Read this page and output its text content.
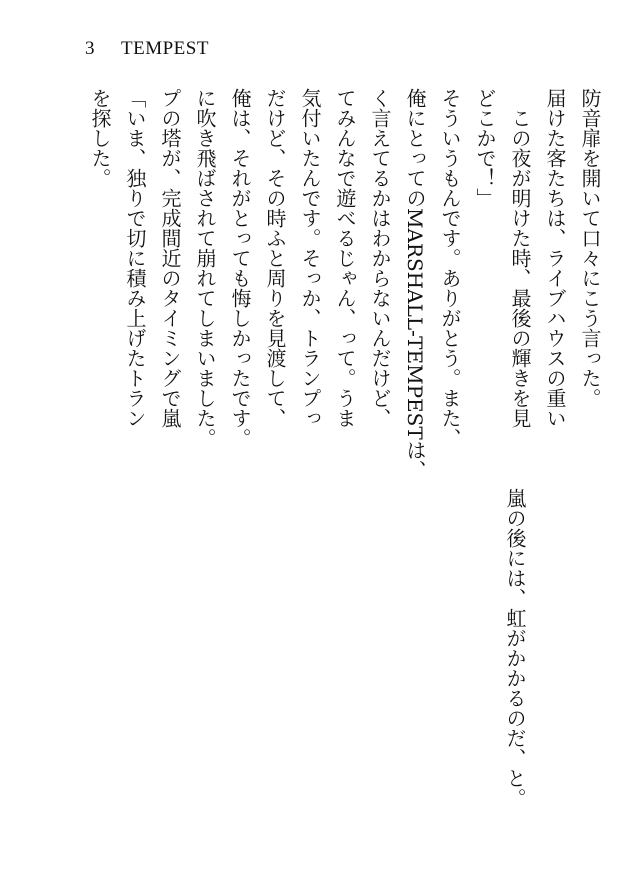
3 TEMPEST
防音扉を開いて口々にこう言った。
届けた客たちは、ライブハウスの重い
　この夜が明けた時、最後の輝きを見
どこかで！」
そういうもんです。ありがとう。また、
俺にとってのMARSHALL-TEMPESTは、
く言えてるかはわからないんだけど、
てみんなで遊べるじゃん、って。うま
気付いたんです。そっか、トランプっ
だけど、その時ふと周りを見渡して、
俺は、それがとっても悔しかったです。
に吹き飛ばされて崩れてしまいました。
プの塔が、完成間近のタイミングで嵐
「いま、独りで切に積み上げたトラン
を探した。
嵐の後には、虹がかかるのだ、と。
